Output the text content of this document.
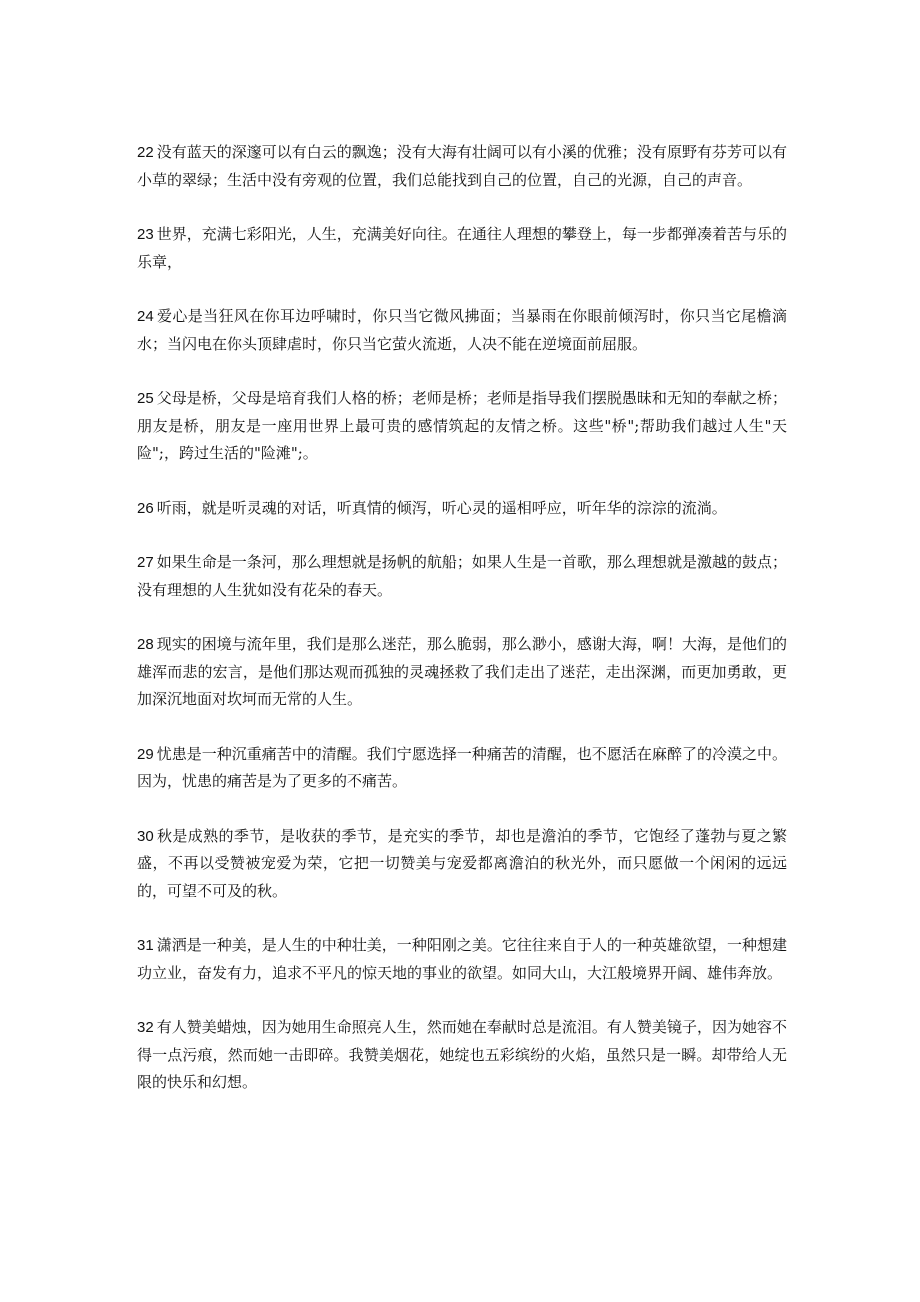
22 没有蓝天的深邃可以有白云的飘逸；没有大海有壮阔可以有小溪的优雅；没有原野有芬芳可以有小草的翠绿；生活中没有旁观的位置，我们总能找到自己的位置，自己的光源，自己的声音。

23 世界，充满七彩阳光，人生，充满美好向往。在通往人理想的攀登上，每一步都弹凑着苦与乐的乐章，

24 爱心是当狂风在你耳边呼啸时，你只当它微风拂面；当暴雨在你眼前倾泻时，你只当它尾檐滴水；当闪电在你头顶肆虐时，你只当它萤火流逝，人决不能在逆境面前屈服。

25 父母是桥，父母是培育我们人格的桥；老师是桥；老师是指导我们摆脱愚昧和无知的奉献之桥；朋友是桥，朋友是一座用世界上最可贵的感情筑起的友情之桥。这些"桥";帮助我们越过人生"天险";，跨过生活的"险滩";。

26 听雨，就是听灵魂的对话，听真情的倾泻，听心灵的遥相呼应，听年华的淙淙的流淌。

27 如果生命是一条河，那么理想就是扬帆的航船；如果人生是一首歌，那么理想就是激越的鼓点；没有理想的人生犹如没有花朵的春天。

28 现实的困境与流年里，我们是那么迷茫，那么脆弱，那么渺小，感谢大海，啊！大海，是他们的雄浑而悲的宏言，是他们那达观而孤独的灵魂拯救了我们走出了迷茫，走出深渊，而更加勇敢，更加深沉地面对坎坷而无常的人生。

29 忧患是一种沉重痛苦中的清醒。我们宁愿选择一种痛苦的清醒，也不愿活在麻醉了的冷漠之中。因为，忧患的痛苦是为了更多的不痛苦。

30 秋是成熟的季节，是收获的季节，是充实的季节，却也是澹泊的季节，它饱经了蓬勃与夏之繁盛，不再以受赞被宠爱为荣，它把一切赞美与宠爱都离澹泊的秋光外，而只愿做一个闲闲的远远的，可望不可及的秋。

31 潇洒是一种美，是人生的中种壮美，一种阳刚之美。它往往来自于人的一种英雄欲望，一种想建功立业，奋发有力，追求不平凡的惊天地的事业的欲望。如同大山，大江般境界开阔、雄伟奔放。

32 有人赞美蜡烛，因为她用生命照亮人生，然而她在奉献时总是流泪。有人赞美镜子，因为她容不得一点污痕，然而她一击即碎。我赞美烟花，她绽也五彩缤纷的火焰，虽然只是一瞬。却带给人无限的快乐和幻想。
